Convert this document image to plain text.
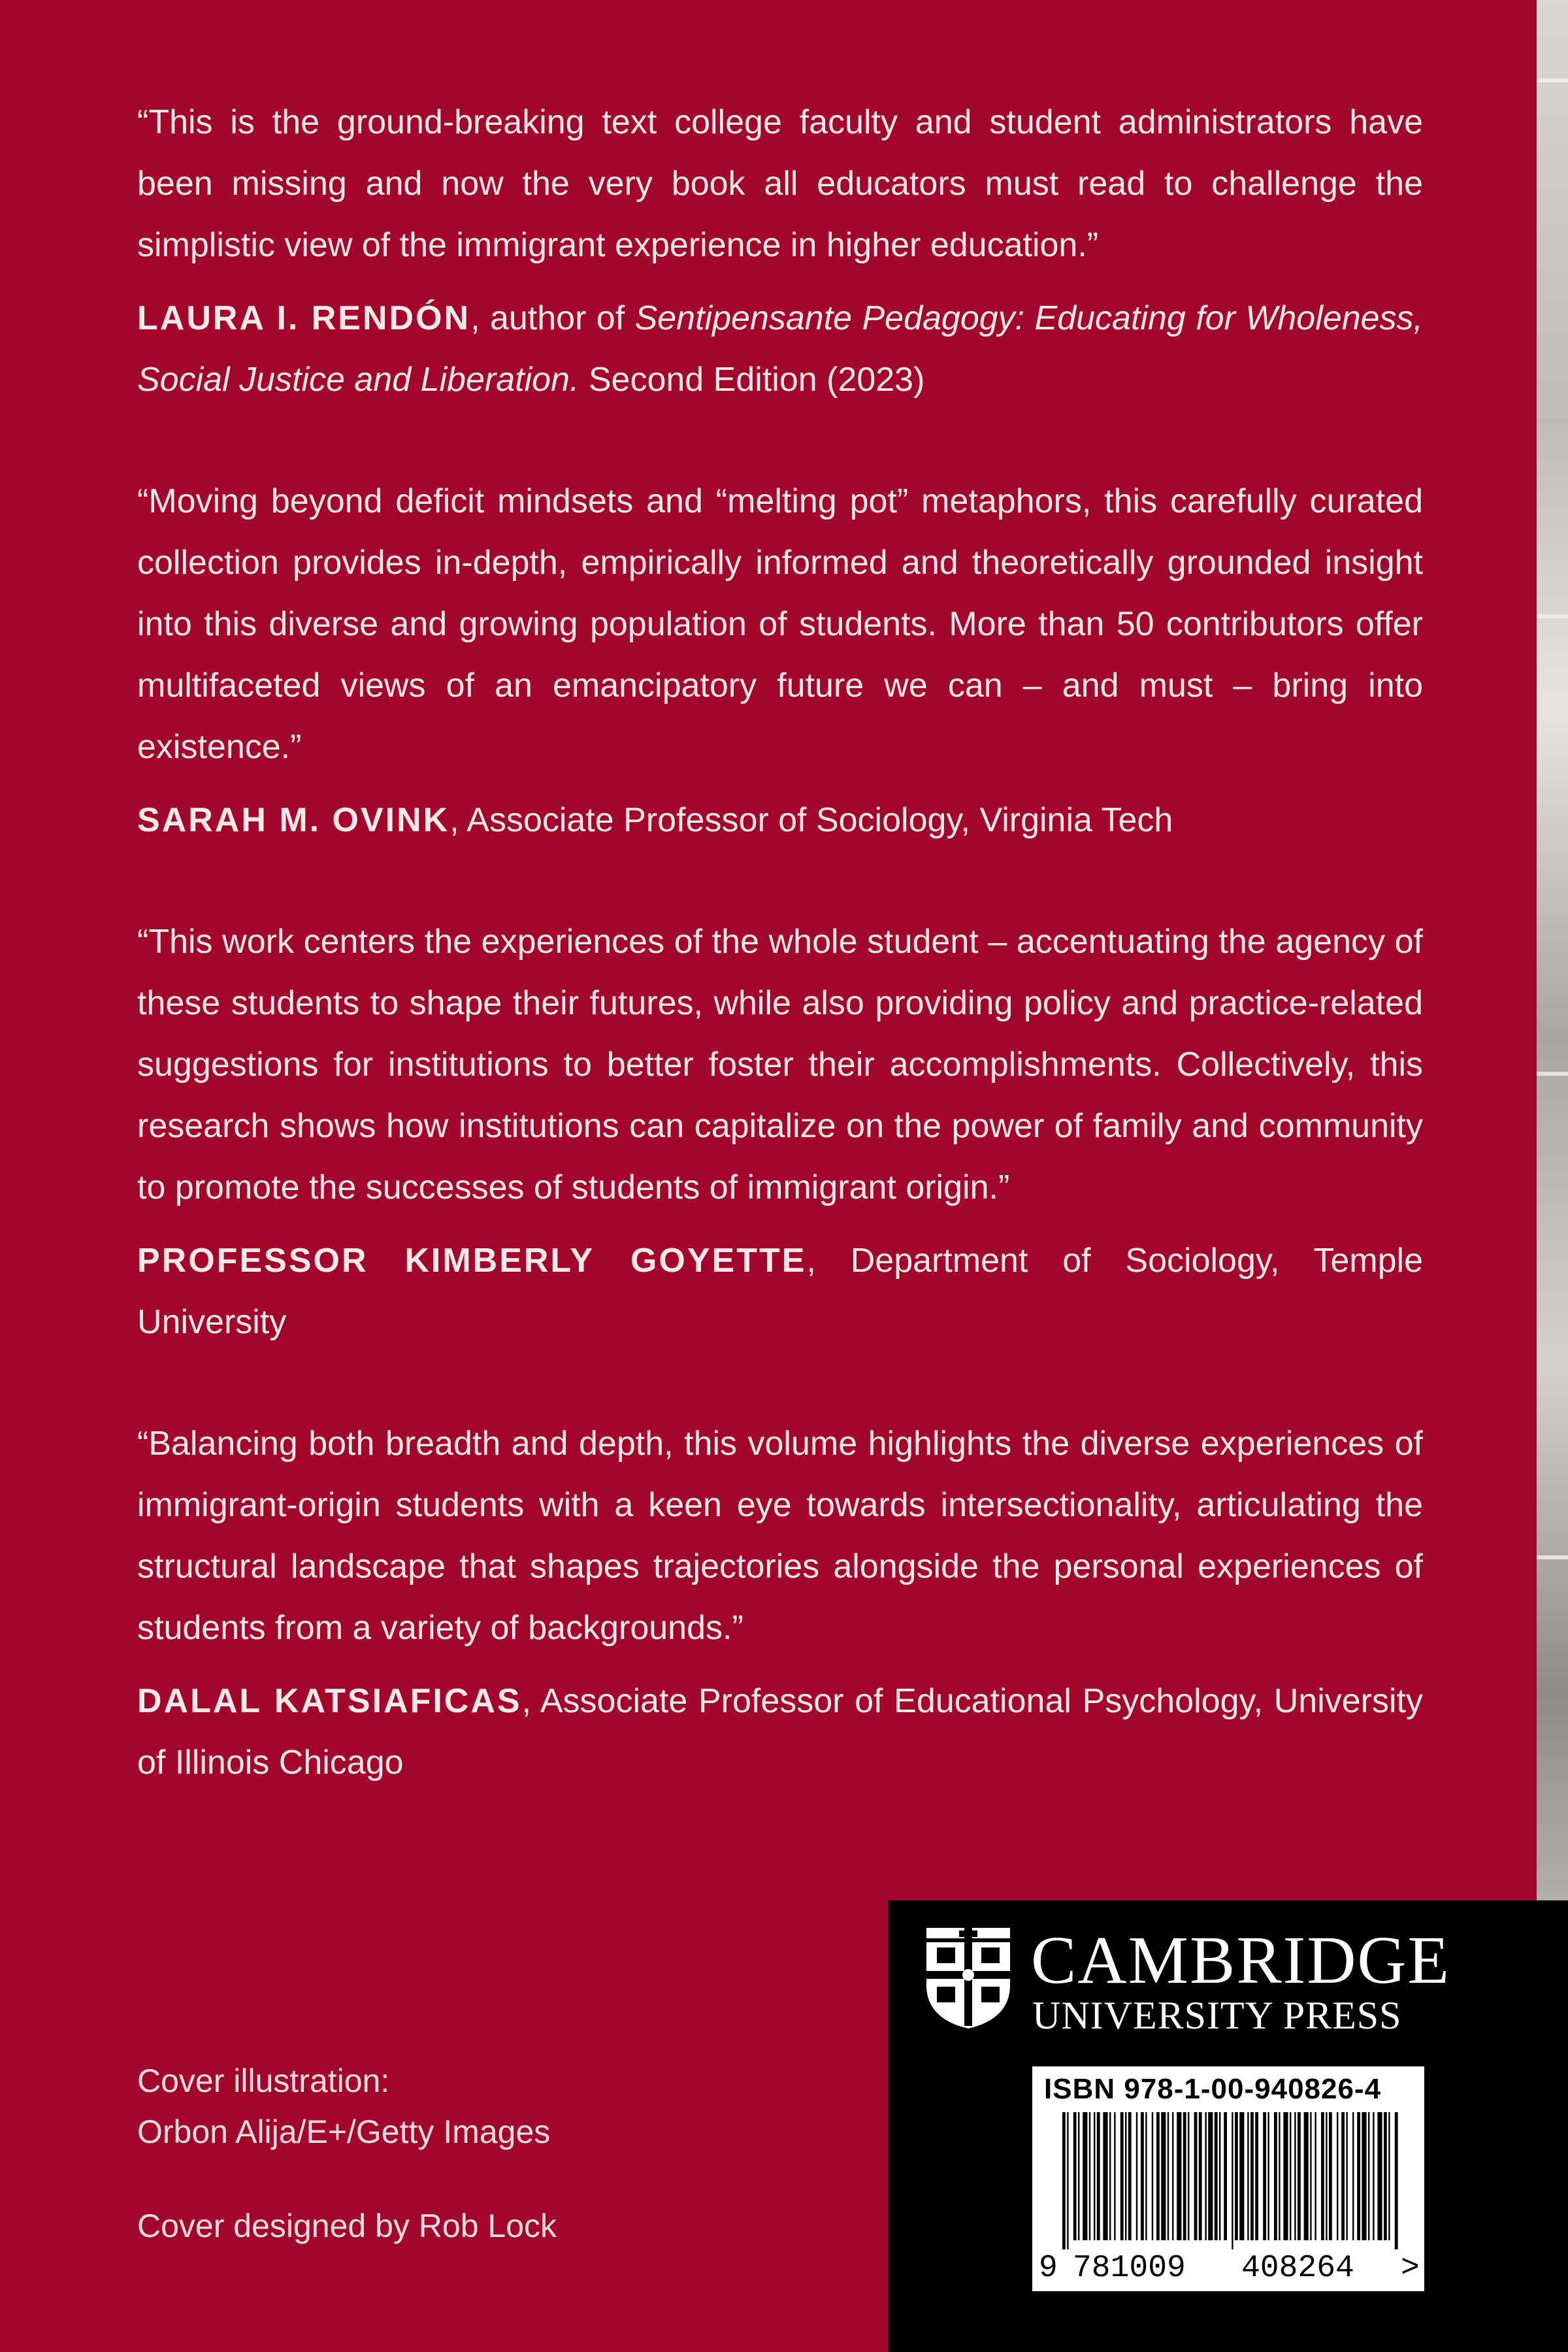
“This is the ground-breaking text college faculty and student administrators have been missing and now the very book all educators must read to challenge the simplistic view of the immigrant experience in higher education.”

LAURA I. RENDÓN, author of Sentipensante Pedagogy: Educating for Wholeness, Social Justice and Liberation. Second Edition (2023)

“Moving beyond deficit mindsets and “melting pot” metaphors, this carefully curated collection provides in-depth, empirically informed and theoretically grounded insight into this diverse and growing population of students. More than 50 contributors offer multifaceted views of an emancipatory future we can – and must – bring into existence.”

SARAH M. OVINK, Associate Professor of Sociology, Virginia Tech

“This work centers the experiences of the whole student – accentuating the agency of these students to shape their futures, while also providing policy and practice-related suggestions for institutions to better foster their accomplishments. Collectively, this research shows how institutions can capitalize on the power of family and community to promote the successes of students of immigrant origin.”

PROFESSOR KIMBERLY GOYETTE, Department of Sociology, Temple University

“Balancing both breadth and depth, this volume highlights the diverse experiences of immigrant-origin students with a keen eye towards intersectionality, articulating the structural landscape that shapes trajectories alongside the personal experiences of students from a variety of backgrounds.”

DALAL KATSIAFICAS, Associate Professor of Educational Psychology, University of Illinois Chicago

Cover illustration:
Orbon Alija/E+/Getty Images
Cover designed by Rob Lock
CAMBRIDGE
UNIVERSITY PRESS
ISBN 978-1-00-940826-4
9 781009 408264 >
